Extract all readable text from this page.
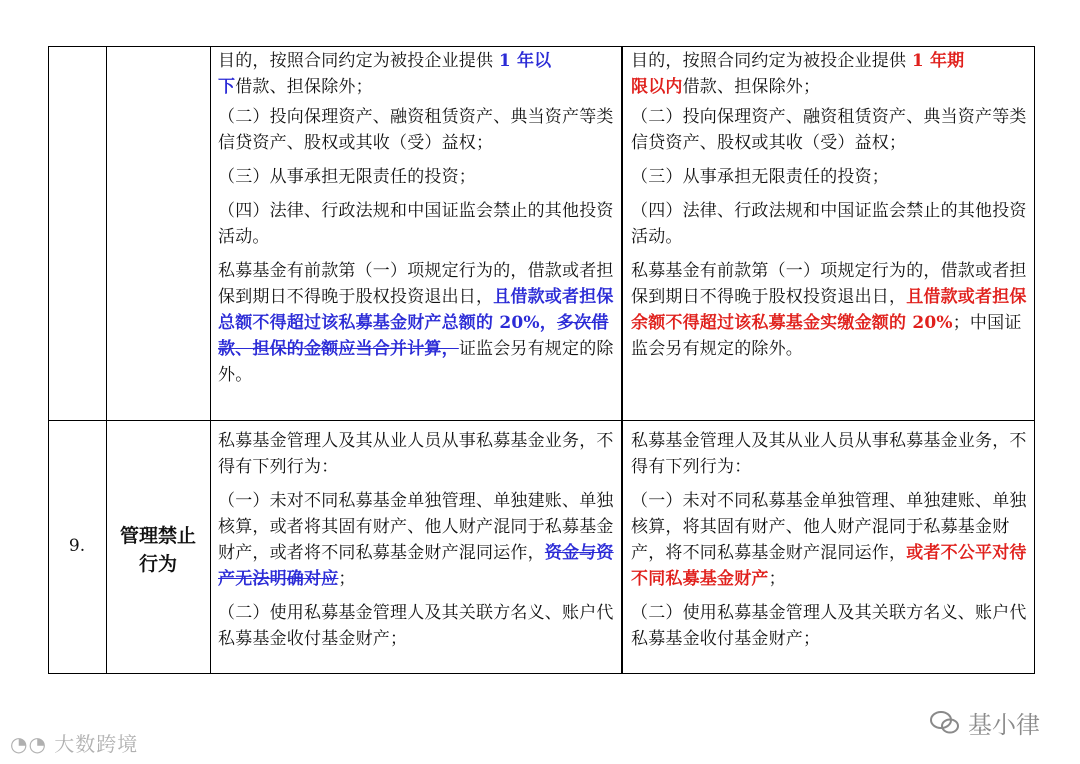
目的，按照合同约定为被投企业提供 1 年以
下借款、担保除外；

（二）投向保理资产、融资租赁资产、典当资产等类信贷资产、股权或其收（受）益权；

（三）从事承担无限责任的投资；

（四）法律、行政法规和中国证监会禁止的其他投资活动。

私募基金有前款第（一）项规定行为的，借款或者担保到期日不得晚于股权投资退出日，且借款或者担保总额不得超过该私募基金财产总额的 20%，多次借款、担保的金额应当合并计算，证监会另有规定的除外。

目的，按照合同约定为被投企业提供 1 年期
限以内借款、担保除外；

（二）投向保理资产、融资租赁资产、典当资产等类信贷资产、股权或其收（受）益权；

（三）从事承担无限责任的投资；

（四）法律、行政法规和中国证监会禁止的其他投资活动。

私募基金有前款第（一）项规定行为的，借款或者担保到期日不得晚于股权投资退出日，且借款或者担保余额不得超过该私募基金实缴金额的 20%；中国证监会另有规定的除外。

9.	管理禁止
行为

私募基金管理人及其从业人员从事私募基金业务，不得有下列行为：

（一）未对不同私募基金单独管理、单独建账、单独核算，或者将其固有财产、他人财产混同于私募基金财产，或者将不同私募基金财产混同运作，资金与资产无法明确对应；

（二）使用私募基金管理人及其关联方名义、账户代私募基金收付基金财产；

私募基金管理人及其从业人员从事私募基金业务，不得有下列行为：

（一）未对不同私募基金单独管理、单独建账、单独核算，将其固有财产、他人财产混同于私募基金财产，将不同私募基金财产混同运作，或者不公平对待不同私募基金财产；

（二）使用私募基金管理人及其关联方名义、账户代私募基金收付基金财产；

◔◔ 大数跨境
基小律
